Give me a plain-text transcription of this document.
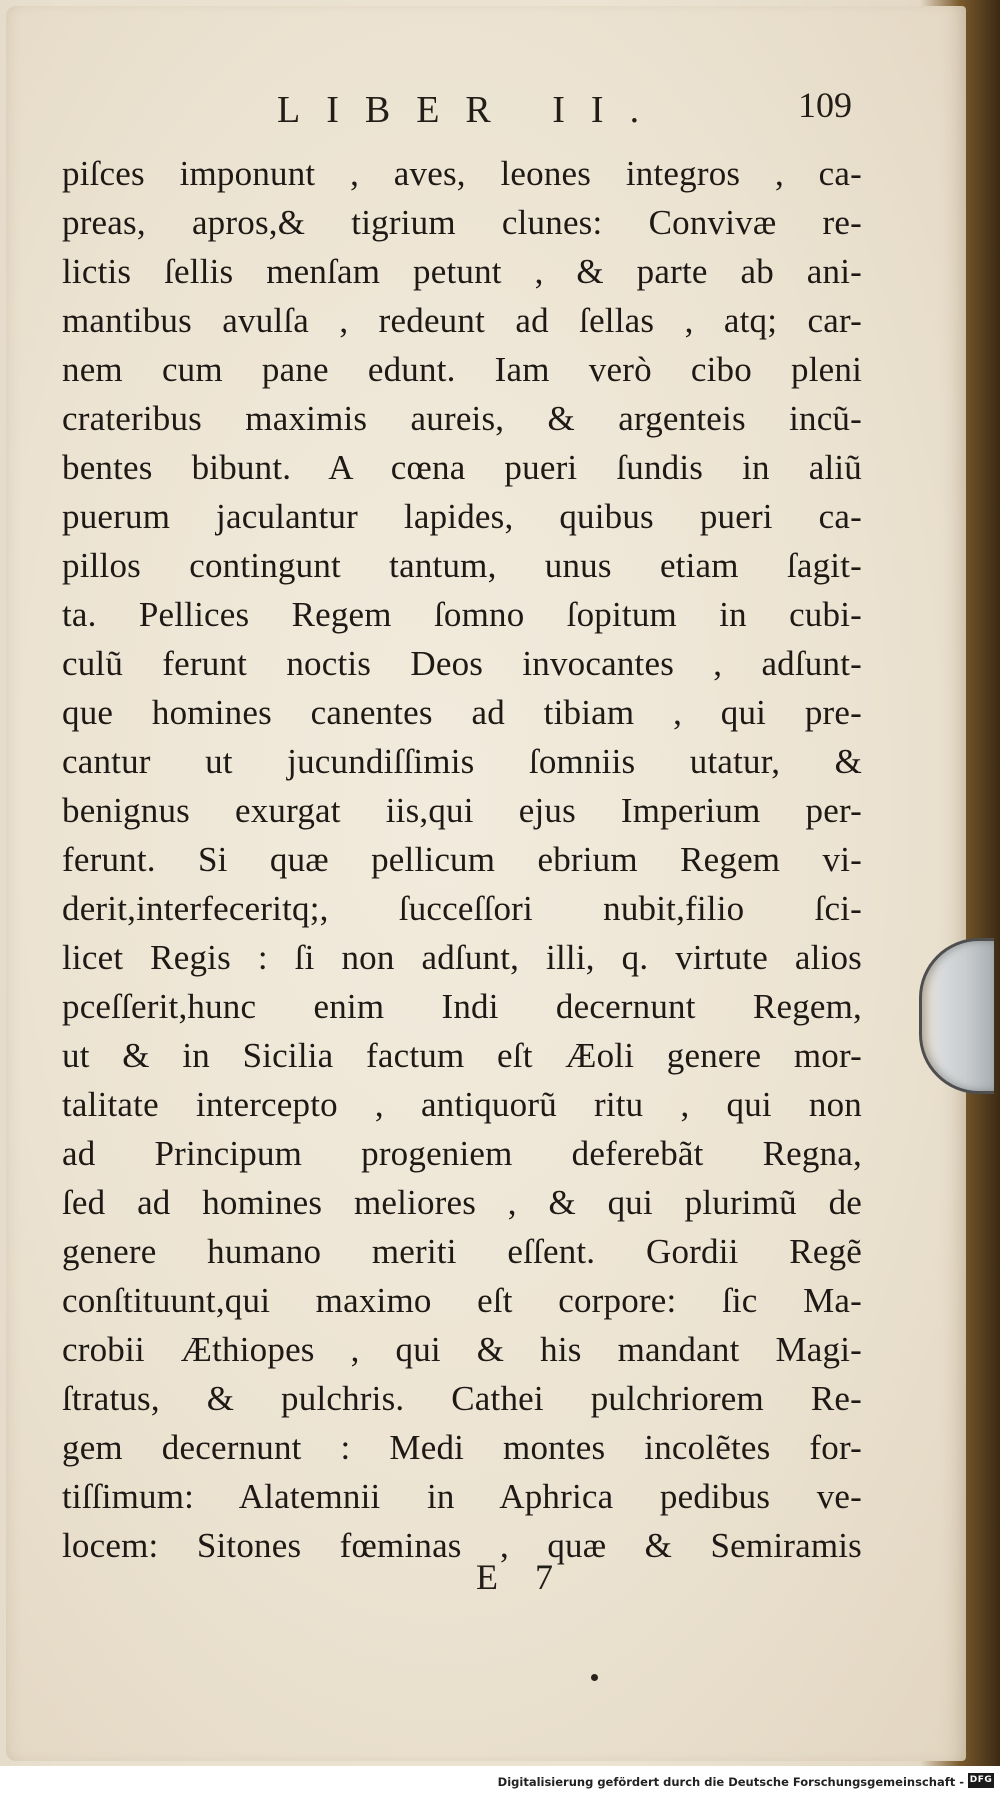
LIBER II.	109
piſces imponunt , aves, leones integros , ca-
preas, apros,& tigrium clunes: Convivæ re-
lictis ſellis menſam petunt , & parte ab ani-
mantibus avulſa , redeunt ad ſellas , atq; car-
nem cum pane edunt. Iam verò cibo pleni
crateribus maximis aureis, & argenteis incũ-
bentes bibunt. A cœna pueri ſundis in aliũ
puerum jaculantur lapides, quibus pueri ca-
pillos contingunt tantum, unus etiam ſagit-
ta. Pellices Regem ſomno ſopitum in cubi-
culũ ferunt noctis Deos invocantes , adſunt-
que homines canentes ad tibiam , qui pre-
cantur ut jucundiſſimis ſomniis utatur, &
benignus exurgat iis,qui ejus Imperium per-
ferunt. Si quæ pellicum ebrium Regem vi-
derit,interfeceritq;, ſucceſſori nubit,filio ſci-
licet Regis : ſi non adſunt, illi, q. virtute alios
pceſſerit,hunc enim Indi decernunt Regem,
ut & in Sicilia factum eſt Æoli genere mor-
talitate intercepto , antiquorũ ritu , qui non
ad Principum progeniem deferebãt Regna,
ſed ad homines meliores , & qui plurimũ de
genere humano meriti eſſent. Gordii Regẽ
conſtituunt,qui maximo eſt corpore: ſic Ma-
crobii Æthiopes , qui & his mandant Magi-
ſtratus, & pulchris. Cathei pulchriorem Re-
gem decernunt : Medi montes incolẽtes for-
tiſſimum: Alatemnii in Aphrica pedibus ve-
locem: Sitones fœminas , quæ & Semiramis
E 7
Digitalisierung gefördert durch die Deutsche Forschungsgemeinschaft - DFG
